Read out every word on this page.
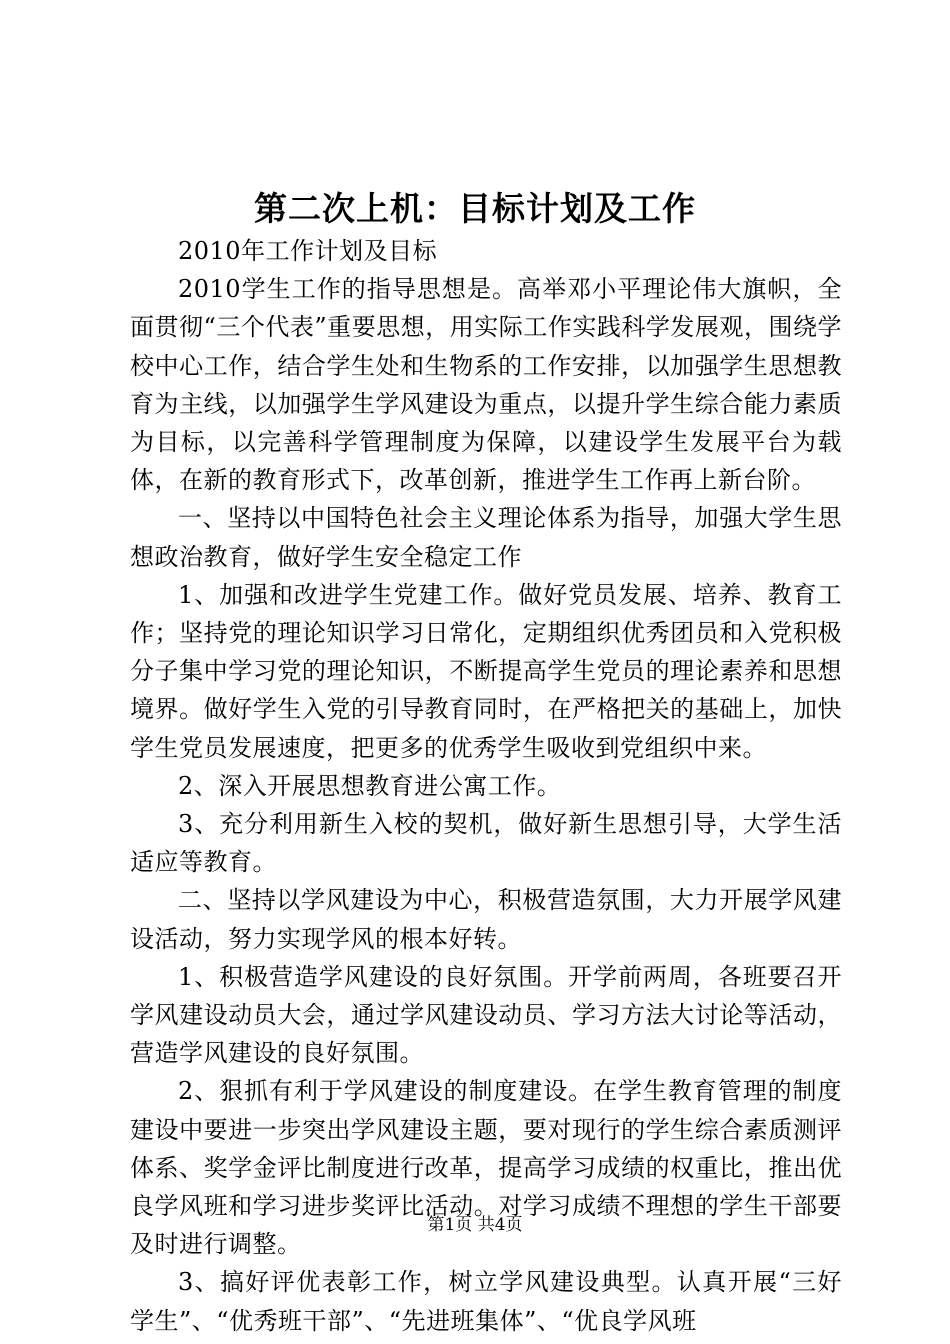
第二次上机：目标计划及工作

2010年工作计划及目标

2010学生工作的指导思想是。高举邓小平理论伟大旗帜，全面贯彻“三个代表”重要思想，用实际工作实践科学发展观，围绕学校中心工作，结合学生处和生物系的工作安排，以加强学生思想教育为主线，以加强学生学风建设为重点，以提升学生综合能力素质为目标，以完善科学管理制度为保障，以建设学生发展平台为载体，在新的教育形式下，改革创新，推进学生工作再上新台阶。

一、坚持以中国特色社会主义理论体系为指导，加强大学生思想政治教育，做好学生安全稳定工作

1、加强和改进学生党建工作。做好党员发展、培养、教育工作；坚持党的理论知识学习日常化，定期组织优秀团员和入党积极分子集中学习党的理论知识，不断提高学生党员的理论素养和思想境界。做好学生入党的引导教育同时，在严格把关的基础上，加快学生党员发展速度，把更多的优秀学生吸收到党组织中来。

2、深入开展思想教育进公寓工作。

3、充分利用新生入校的契机，做好新生思想引导，大学生活适应等教育。

二、坚持以学风建设为中心，积极营造氛围，大力开展学风建设活动，努力实现学风的根本好转。

1、积极营造学风建设的良好氛围。开学前两周，各班要召开学风建设动员大会，通过学风建设动员、学习方法大讨论等活动，营造学风建设的良好氛围。

2、狠抓有利于学风建设的制度建设。在学生教育管理的制度建设中要进一步突出学风建设主题，要对现行的学生综合素质测评体系、奖学金评比制度进行改革，提高学习成绩的权重比，推出优良学风班和学习进步奖评比活动。对学习成绩不理想的学生干部要及时进行调整。

3、搞好评优表彰工作，树立学风建设典型。认真开展“三好学生”、“优秀班干部”、“先进班集体”、“优良学风班

第1页 共4页
